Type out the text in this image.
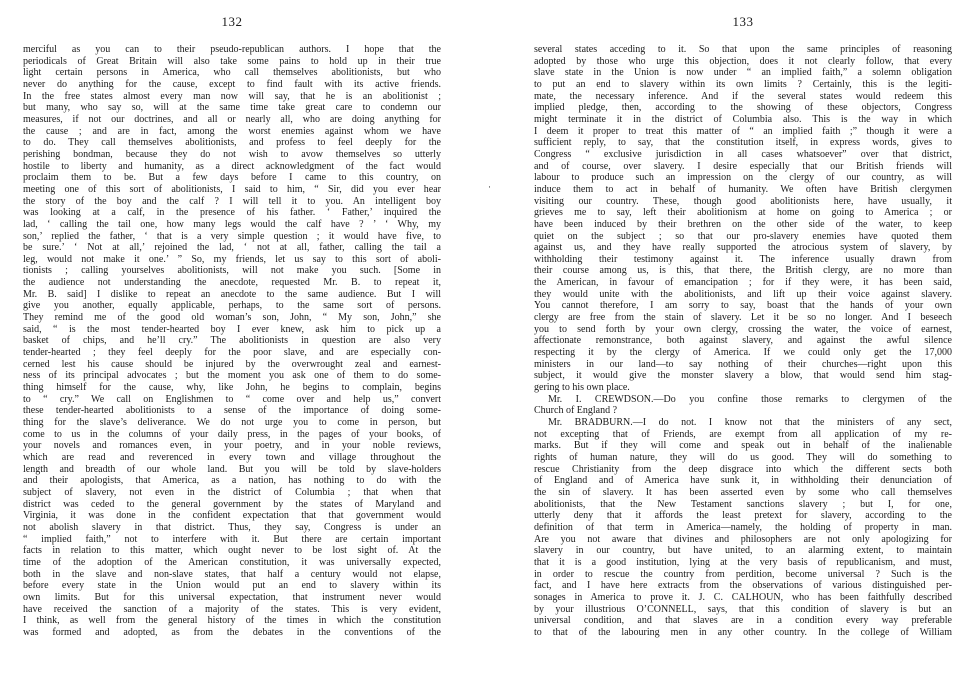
132
merciful as you can to their pseudo-republican authors. I hope that the
periodicals of Great Britain will also take some pains to hold up in their true
light certain persons in America, who call themselves abolitionists, but who
never do anything for the cause, except to find fault with its active friends.
In the free states almost every man now will say, that he is an abolitionist ;
but many, who say so, will at the same time take great care to condemn our
measures, if not our doctrines, and all or nearly all, who are doing anything for
the cause ; and are in fact, among the worst enemies against whom we have
to do. They call themselves abolitionists, and profess to feel deeply for the
perishing bondman, because they do not wish to avow themselves so utterly
hostile to liberty and humanity, as a direct acknowledgment of the fact would
proclaim them to be. But a few days before I came to this country, on
meeting one of this sort of abolitionists, I said to him, “ Sir, did you ever hear
the story of the boy and the calf ? I will tell it to you. An intelligent boy
was looking at a calf, in the presence of his father. ‘ Father,’ inquired the
lad, ‘ calling the tail one, how many legs would the calf have ? ’ ‘ Why, my
son,’ replied the father, ‘ that is a very simple question ; it would have five, to
be sure.’ ‘ Not at all,’ rejoined the lad, ‘ not at all, father, calling the tail a
leg, would not make it one.’ ” So, my friends, let us say to this sort of aboli-
tionists ; calling yourselves abolitionists, will not make you such. [Some in
the audience not understanding the anecdote, requested Mr. B. to repeat it,
Mr. B. said] I dislike to repeat an anecdote to the same audience. But I will
give you another, equally applicable, perhaps, to the same sort of persons.
They remind me of the good old woman’s son, John, “ My son, John,” she
said, “ is the most tender-hearted boy I ever knew, ask him to pick up a
basket of chips, and he’ll cry.” The abolitionists in question are also very
tender-hearted ; they feel deeply for the poor slave, and are especially con-
cerned lest his cause should be injured by the overwrought zeal and earnest-
ness of its principal advocates ; but the moment you ask one of them to do some-
thing himself for the cause, why, like John, he begins to complain, begins
to “ cry.” We call on Englishmen to “ come over and help us,” convert
these tender-hearted abolitionists to a sense of the importance of doing some-
thing for the slave’s deliverance. We do not urge you to come in person, but
come to us in the columns of your daily press, in the pages of your books, of
your novels and romances even, in your poetry, and in your noble reviews,
which are read and reverenced in every town and village throughout the
length and breadth of our whole land. But you will be told by slave-holders
and their apologists, that America, as a nation, has nothing to do with the
subject of slavery, not even in the district of Columbia ; that when that
district was ceded to the general government by the states of Maryland and
Virginia, it was done in the confident expectation that that government would
not abolish slavery in that district. Thus, they say, Congress is under an
“ implied faith,” not to interfere with it. But there are certain important
facts in relation to this matter, which ought never to be lost sight of. At the
time of the adoption of the American constitution, it was universally expected,
both in the slave and non-slave states, that half a century would not elapse,
before every state in the Union would put an end to slavery within its
own limits. But for this universal expectation, that instrument never would
have received the sanction of a majority of the states. This is very evident,
I think, as well from the general history of the times in which the constitution
was formed and adopted, as from the debates in the conventions of the
·
133
several states acceding to it. So that upon the same principles of reasoning
adopted by those who urge this objection, does it not clearly follow, that every
slave state in the Union is now under “ an implied faith,” a solemn obligation
to put an end to slavery within its own limits ? Certainly, this is the legiti-
mate, the necessary inference. And if the several states would redeem this
implied pledge, then, according to the showing of these objectors, Congress
might terminate it in the district of Columbia also. This is the way in which
I deem it proper to treat this matter of “ an implied faith ;” though it were a
sufficient reply, to say, that the constitution itself, in express words, gives to
Congress “ exclusive jurisdiction in all cases whatsoever” over that district,
and of course, over slavery. I desire especially that our British friends will
labour to produce such an impression on the clergy of our country, as will
induce them to act in behalf of humanity. We often have British clergymen
visiting our country. These, though good abolitionists here, have usually, it
grieves me to say, left their abolitionism at home on going to America ; or
have been induced by their brethren on the other side of the water, to keep
quiet on the subject ; so that our pro-slavery enemies have quoted them
against us, and they have really supported the atrocious system of slavery, by
withholding their testimony against it. The inference usually drawn from
their course among us, is this, that there, the British clergy, are no more than
the American, in favour of emancipation ; for if they were, it has been said,
they would unite with the abolitionists, and lift up their voice against slavery.
You cannot therefore, I am sorry to say, boast that the hands of your own
clergy are free from the stain of slavery. Let it be so no longer. And I beseech
you to send forth by your own clergy, crossing the water, the voice of earnest,
affectionate remonstrance, both against slavery, and against the awful silence
respecting it by the clergy of America. If we could only get the 17,000
ministers in our land—to say nothing of their churches—right upon this
subject, it would give the monster slavery a blow, that would send him stag-
gering to his own place.
Mr. I. CREWDSON.—Do you confine those remarks to clergymen of the
Church of England ?
Mr. BRADBURN.—I do not. I know not that the ministers of any sect,
not excepting that of Friends, are exempt from all application of my re-
marks. But if they will come and speak out in behalf of the inalienable
rights of human nature, they will do us good. They will do something to
rescue Christianity from the deep disgrace into which the different sects both
of England and of America have sunk it, in withholding their denunciation of
the sin of slavery. It has been asserted even by some who call themselves
abolitionists, that the New Testament sanctions slavery ; but I, for one,
utterly deny that it affords the least pretext for slavery, according to the
definition of that term in America—namely, the holding of property in man.
Are you not aware that divines and philosophers are not only apologizing for
slavery in our country, but have united, to an alarming extent, to maintain
that it is a good institution, lying at the very basis of republicanism, and must,
in order to rescue the country from perdition, become universal ? Such is the
fact, and I have here extracts from the observations of various distinguished per-
sonages in America to prove it. J. C. CALHOUN, who has been faithfully described
by your illustrious O’CONNELL, says, that this condition of slavery is but an
universal condition, and that slaves are in a condition every way preferable
to that of the labouring men in any other country. In the college of William
